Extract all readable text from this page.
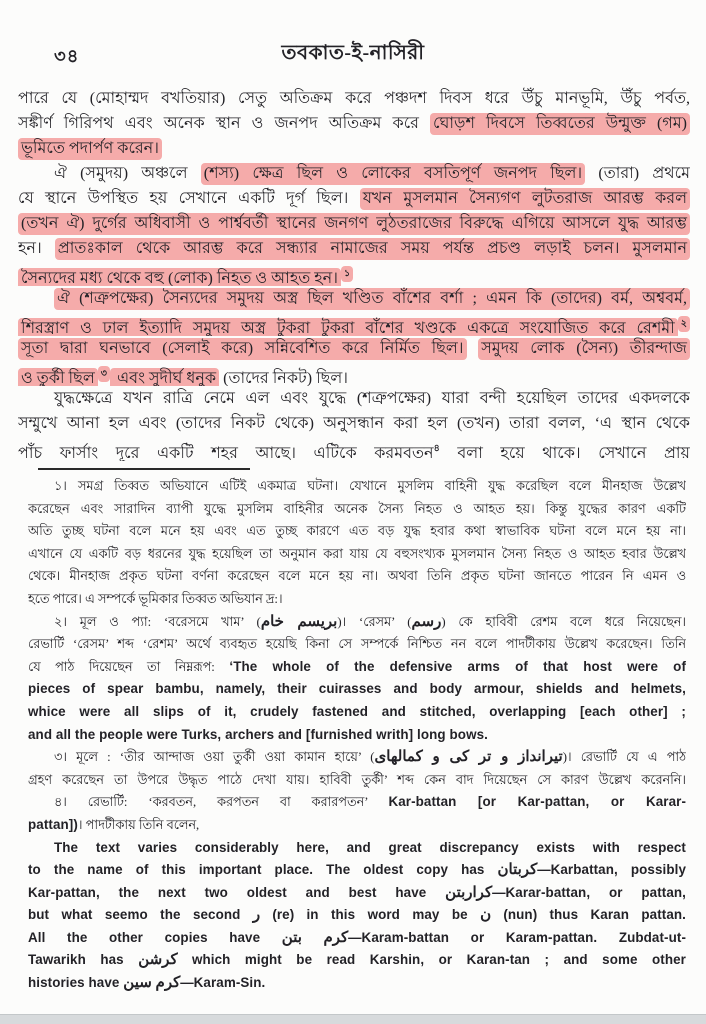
৩৪	তবকাত-ই-নাসিরী
পারে যে (মোহাম্মদ বখতিয়ার) সেতু অতিক্রম করে পঞ্চদশ দিবস ধরে উঁচু মানভূমি, উঁচু পর্বত,
সঙ্কীর্ণ গিরিপথ এবং অনেক স্থান ও জনপদ অতিক্রম করে ঘোড়শ দিবসে তিব্বতের উন্মুক্ত (গম)
ভূমিতে পদার্পণ করেন।
ঐ (সমুদয়) অঞ্চলে (শস্য) ক্ষেত্র ছিল ও লোকের বসতিপূর্ণ জনপদ ছিল। (তারা) প্রথমে
যে স্থানে উপস্থিত হয় সেখানে একটি দূর্গ ছিল। যখন মুসলমান সৈন্যগণ লুটতরাজ আরম্ভ করল
(তখন ঐ) দুর্গের অধিবাসী ও পার্শ্ববর্তী স্থানের জনগণ লুঠতরাজের বিরুদ্ধে এগিয়ে আসলে যুদ্ধ আরম্ভ
হন। প্রাতঃকাল থেকে আরম্ভ করে সন্ধ্যার নামাজের সময় পর্যন্ত প্রচণ্ড লড়াই চলন। মুসলমান
সৈন্যদের মধ্য থেকে বহু (লোক) নিহত ও আহত হন। $^১$
ঐ (শত্রুপক্ষের) সৈন্যদের সমুদয় অস্ত্র ছিল খণ্ডিত বাঁশের বর্শা ; এমন কি (তাদের) বর্ম, অশ্ববর্ম,
শিরস্ত্রাণ ও ঢাল ইত্যাদি সমুদয় অস্ত্র টুকরা টুকরা বাঁশের খণ্ডকে একত্রে সংযোজিত করে রেশমী $^২$
সূতা দ্বারা ঘনভাবে (সেলাই করে) সন্নিবেশিত করে নির্মিত ছিল। সমুদয় লোক (সৈন্য) তীরন্দাজ
ও তুর্কী ছিল $^৩$ এবং সুদীর্ঘ ধনুক (তাদের নিকট) ছিল।
যুদ্ধক্ষেত্রে যখন রাত্রি নেমে এল এবং যুদ্ধে (শত্রুপক্ষের) যারা বন্দী হয়েছিল তাদের একদলকে
সম্মুখে আনা হল এবং (তাদের নিকট থেকে) অনুসন্ধান করা হল (তখন) তারা বলল, ‘এ স্থান থেকে
পাঁচ ফার্সাং দূরে একটি শহর আছে। এটিকে করমবতন$^৪$ বলা হয়ে থাকে। সেখানে প্রায়
১। সমগ্র তিব্বত অভিযানে এটিই একমাত্র ঘটনা। যেখানে মুসলিম বাহিনী যুদ্ধ করেছিল বলে মীনহাজ উল্লেখ
করেছেন এবং সারাদিন ব্যাপী যুদ্ধে মুসলিম বাহিনীর অনেক সৈন্য নিহত ও আহত হয়। কিন্তু যুদ্ধের কারণ একটি
অতি তুচ্ছ ঘটনা বলে মনে হয় এবং এত তুচ্ছ কারণে এত বড় যুদ্ধ হবার কথা স্বাভাবিক ঘটনা বলে মনে হয় না।
এখানে যে একটি বড় ধরনের যুদ্ধ হয়েছিল তা অনুমান করা যায় যে বহুসংখ্যক মুসলমান সৈন্য নিহত ও আহত হবার উল্লেখ
থেকে। মীনহাজ প্রকৃত ঘটনা বর্ণনা করেছেন বলে মনে হয় না। অথবা তিনি প্রকৃত ঘটনা জানতে পারেন নি এমন ও
হতে পারে। এ সম্পর্কে ভূমিকার তিব্বত অভিযান দ্র:।
২। মূল ও প্যা: ‘বরেসমে খাম’ (بريسم خام)। ‘রেসম’ (رسم) কে হাবিবী রেশম বলে ধরে নিয়েছেন।
রেভার্টি ‘রেসম’ শব্দ ‘রেশম’ অর্থে ব্যবহৃত হয়েছি কিনা সে সম্পর্কে নিশ্চিত নন বলে পাদটীকায় উল্লেখ করেছেন। তিনি
যে পাঠ দিয়েছেন তা নিম্নরূপ: ‘The whole of the defensive arms of that host were of
pieces of spear bambu, namely, their cuirasses and body armour, shields and helmets,
whice were all slips of it, crudely fastened and stitched, overlapping [each other] ;
and all the people were Turks, archers and [furnished writh] long bows.
৩। মূলে : ‘তীর আন্দাজ ওয়া তুর্কী ওয়া কামান হায়ে’ (تيرانداز و تر كى و كمالهاى)। রেভার্টি যে এ পাঠ
গ্রহণ করেছেন তা উপরে উদ্ধৃত পাঠে দেখা যায়। হাবিবী তুর্কী’ শব্দ কেন বাদ দিয়েছেন সে কারণ উল্লেখ করেননি।
৪। রেভার্টি: ‘করবতন, করপতন বা করারপতন’ Kar-battan [or Kar-pattan, or Karar-
pattan])। পাদটীকায় তিনি বলেন,
The text varies considerably here, and great discrepancy exists with respect
to the name of this important place. The oldest copy has كربتان—Karbattan, possibly
Kar-pattan, the next two oldest and best have كراربتن—Karar-battan, or pattan,
but what seemo the second ر (re) in this word may be ن (nun) thus Karan pattan.
All the other copies have كرم بتن—Karam-battan or Karam-pattan. Zubdat-ut-
Tawarikh has كرشن which might be read Karshin, or Karan-tan ; and some other
histories have كرم سين—Karam-Sin.
